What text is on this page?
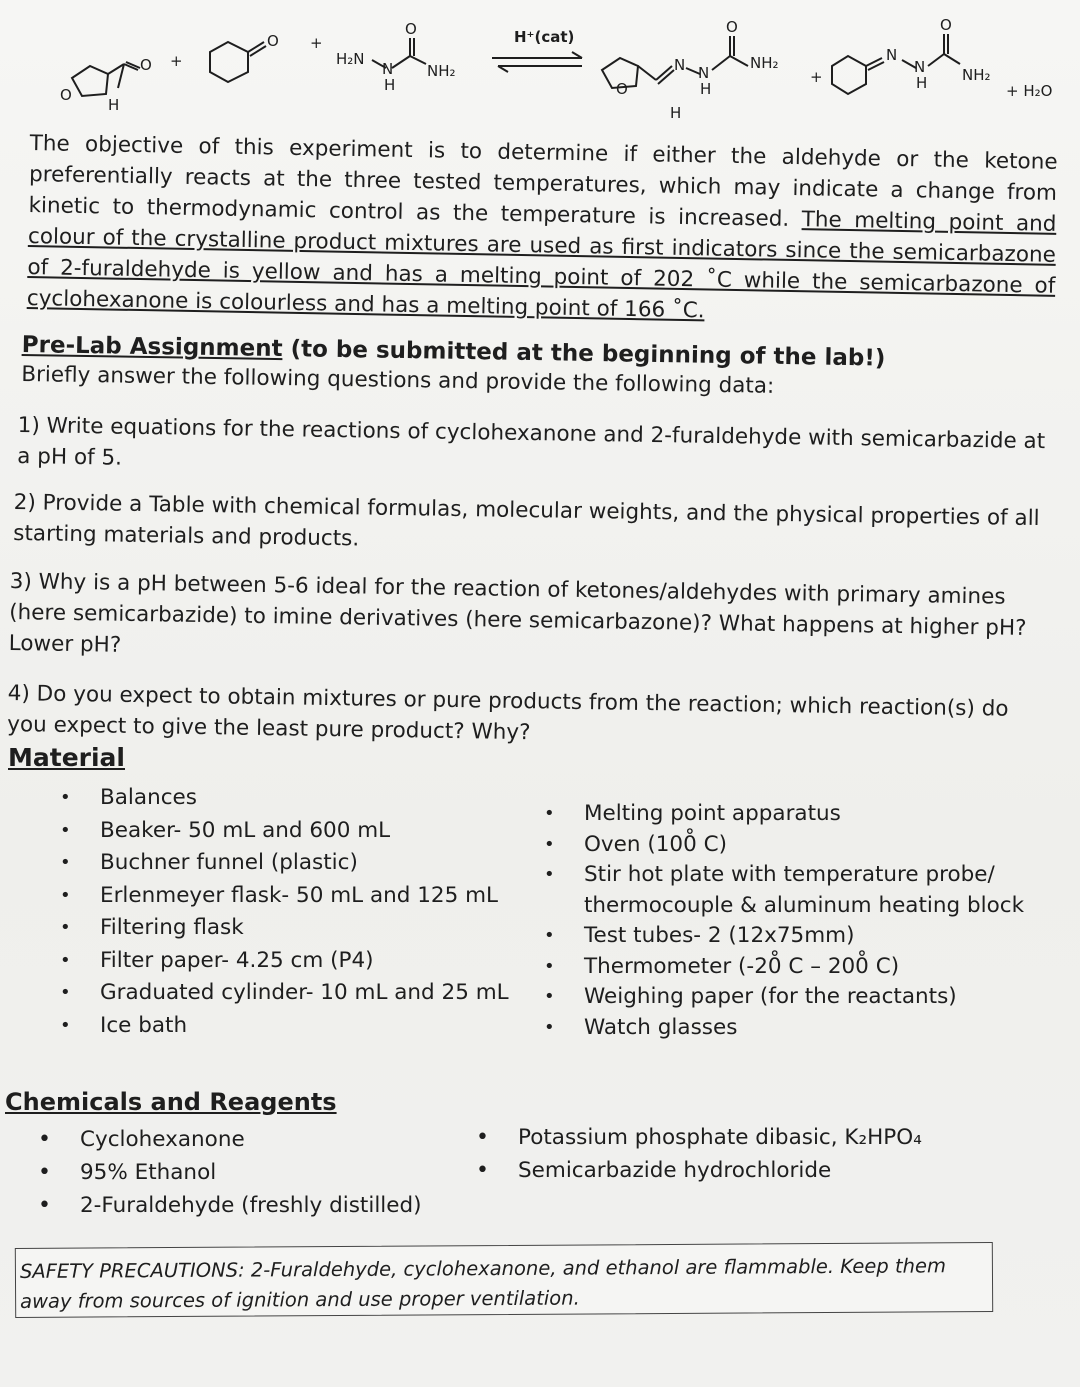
O
O
H
+
O +
H₂N
N
H
NH₂
O	H⁺(cat)
O
H
N N
H
NH₂
O
+
N
N
H NH₂
O
+ H₂O
The objective of this experiment is to determine if either the aldehyde or the ketone preferentially reacts at the three tested temperatures, which may indicate a change from kinetic to thermodynamic control as the temperature is increased. The melting point and colour of the crystalline product mixtures are used as first indicators since the semicarbazone of 2-furaldehyde is yellow and has a melting point of 202 ˚C while the semicarbazone of cyclohexanone is colourless and has a melting point of 166 ˚C.
Pre-Lab Assignment (to be submitted at the beginning of the lab!)
Briefly answer the following questions and provide the following data:
1) Write equations for the reactions of cyclohexanone and 2-furaldehyde with semicarbazide at a pH of 5.
2) Provide a Table with chemical formulas, molecular weights, and the physical properties of all starting materials and products.
3) Why is a pH between 5-6 ideal for the reaction of ketones/aldehydes with primary amines (here semicarbazide) to imine derivatives (here semicarbazone)? What happens at higher pH? Lower pH?
4) Do you expect to obtain mixtures or pure products from the reaction; which reaction(s) do you expect to give the least pure product? Why?
Material
• Balances
• Beaker- 50 mL and 600 mL
• Buchner funnel (plastic)
• Erlenmeyer flask- 50 mL and 125 mL
• Filtering flask
• Filter paper- 4.25 cm (P4)
• Graduated cylinder- 10 mL and 25 mL
• Ice bath
• Melting point apparatus
• Oven (100̊ C)
• Stir hot plate with temperature probe/
thermocouple & aluminum heating block
• Test tubes- 2 (12x75mm)
• Thermometer (-20̊ C – 200̊ C)
• Weighing paper (for the reactants)
• Watch glasses
Chemicals and Reagents
• Cyclohexanone
• 95% Ethanol
• 2-Furaldehyde (freshly distilled)
• Potassium phosphate dibasic, K₂HPO₄
• Semicarbazide hydrochloride
SAFETY PRECAUTIONS: 2-Furaldehyde, cyclohexanone, and ethanol are flammable. Keep them away from sources of ignition and use proper ventilation.
